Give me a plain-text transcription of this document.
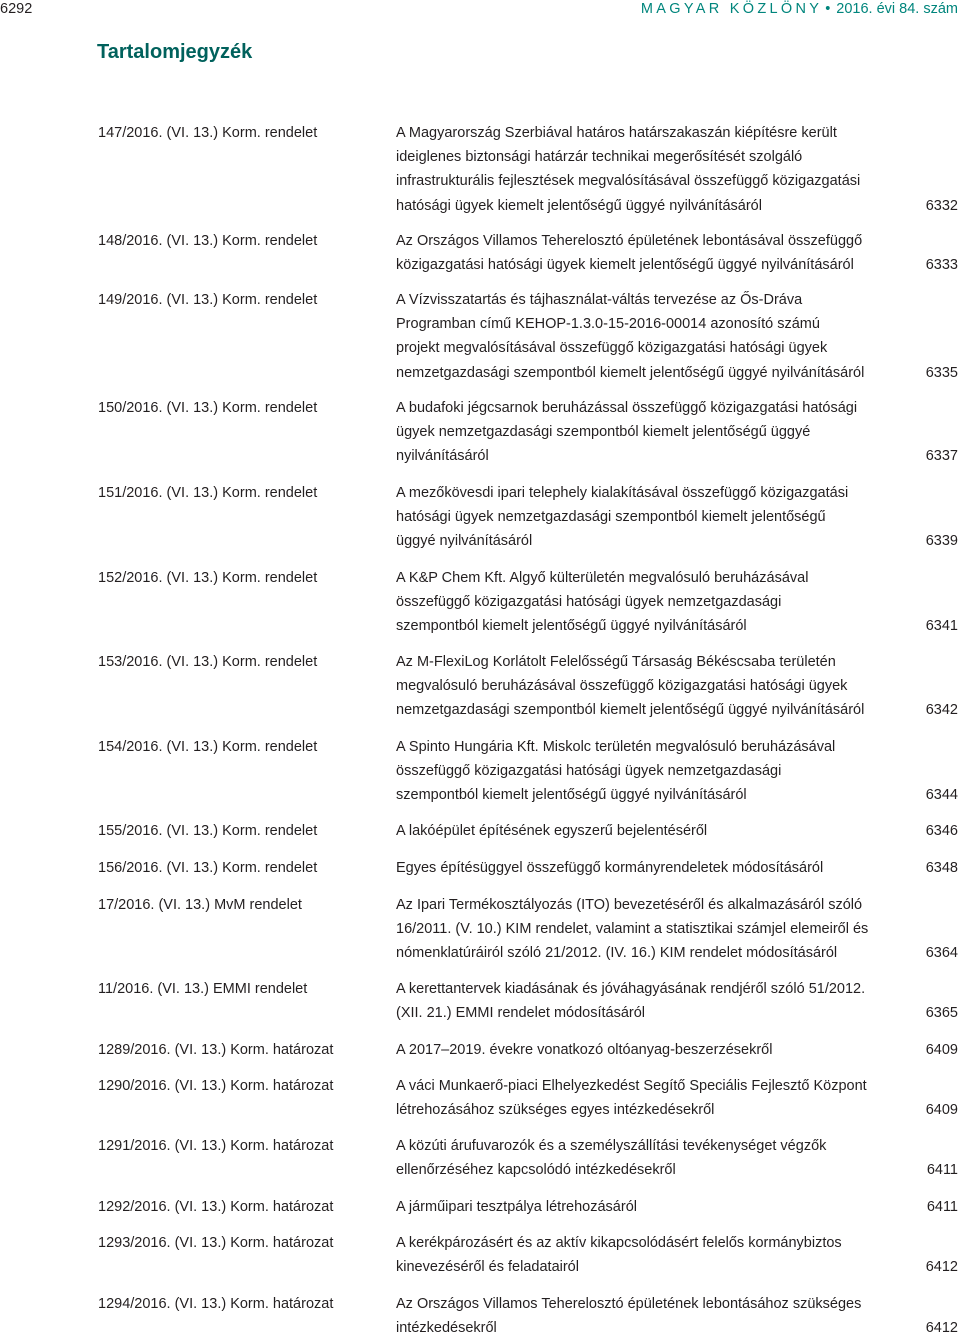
6292	MAGYAR KÖZLÖNY • 2016. évi 84. szám
Tartalomjegyzék
147/2016. (VI. 13.) Korm. rendelet	A Magyarország Szerbiával határos határszakaszán kiépítésre került
ideiglenes biztonsági határzár technikai megerősítését szolgáló
infrastrukturális fejlesztések megvalósításával összefüggő közigazgatási
hatósági ügyek kiemelt jelentőségű üggyé nyilvánításáról	6332
148/2016. (VI. 13.) Korm. rendelet	Az Országos Villamos Teherelosztó épületének lebontásával összefüggő
közigazgatási hatósági ügyek kiemelt jelentőségű üggyé nyilvánításáról	6333
149/2016. (VI. 13.) Korm. rendelet	A Vízvisszatartás és tájhasználat-váltás tervezése az Ős-Dráva
Programban című KEHOP-1.3.0-15-2016-00014 azonosító számú
projekt megvalósításával összefüggő közigazgatási hatósági ügyek
nemzetgazdasági szempontból kiemelt jelentőségű üggyé nyilvánításáról	6335
150/2016. (VI. 13.) Korm. rendelet	A budafoki jégcsarnok beruházással összefüggő közigazgatási hatósági
ügyek nemzetgazdasági szempontból kiemelt jelentőségű üggyé
nyilvánításáról	6337
151/2016. (VI. 13.) Korm. rendelet	A mezőkövesdi ipari telephely kialakításával összefüggő közigazgatási
hatósági ügyek nemzetgazdasági szempontból kiemelt jelentőségű
üggyé nyilvánításáról	6339
152/2016. (VI. 13.) Korm. rendelet	A K&P Chem Kft. Algyő külterületén megvalósuló beruházásával
összefüggő közigazgatási hatósági ügyek nemzetgazdasági
szempontból kiemelt jelentőségű üggyé nyilvánításáról	6341
153/2016. (VI. 13.) Korm. rendelet	Az M-FlexiLog Korlátolt Felelősségű Társaság Békéscsaba területén
megvalósuló beruházásával összefüggő közigazgatási hatósági ügyek
nemzetgazdasági szempontból kiemelt jelentőségű üggyé nyilvánításáról	6342
154/2016. (VI. 13.) Korm. rendelet	A Spinto Hungária Kft. Miskolc területén megvalósuló beruházásával
összefüggő közigazgatási hatósági ügyek nemzetgazdasági
szempontból kiemelt jelentőségű üggyé nyilvánításáról	6344
155/2016. (VI. 13.) Korm. rendelet	A lakóépület építésének egyszerű bejelentéséről	6346
156/2016. (VI. 13.) Korm. rendelet	Egyes építésüggyel összefüggő kormányrendeletek módosításáról	6348
17/2016. (VI. 13.) MvM rendelet	Az Ipari Termékosztályozás (ITO) bevezetéséről és alkalmazásáról szóló
16/2011. (V. 10.) KIM rendelet, valamint a statisztikai számjel elemeiről és
nómenklatúráiról szóló 21/2012. (IV. 16.) KIM rendelet módosításáról	6364
11/2016. (VI. 13.) EMMI rendelet	A kerettantervek kiadásának és jóváhagyásának rendjéről szóló 51/2012.
(XII. 21.) EMMI rendelet módosításáról	6365
1289/2016. (VI. 13.) Korm. határozat	A 2017–2019. évekre vonatkozó oltóanyag-beszerzésekről	6409
1290/2016. (VI. 13.) Korm. határozat	A váci Munkaerő-piaci Elhelyezkedést Segítő Speciális Fejlesztő Központ
létrehozásához szükséges egyes intézkedésekről	6409
1291/2016. (VI. 13.) Korm. határozat	A közúti árufuvarozók és a személyszállítási tevékenységet végzők
ellenőrzéséhez kapcsolódó intézkedésekről	6411
1292/2016. (VI. 13.) Korm. határozat	A járműipari tesztpálya létrehozásáról	6411
1293/2016. (VI. 13.) Korm. határozat	A kerékpározásért és az aktív kikapcsolódásért felelős kormánybiztos
kinevezéséről és feladatairól	6412
1294/2016. (VI. 13.) Korm. határozat	Az Országos Villamos Teherelosztó épületének lebontásához szükséges
intézkedésekről	6412
